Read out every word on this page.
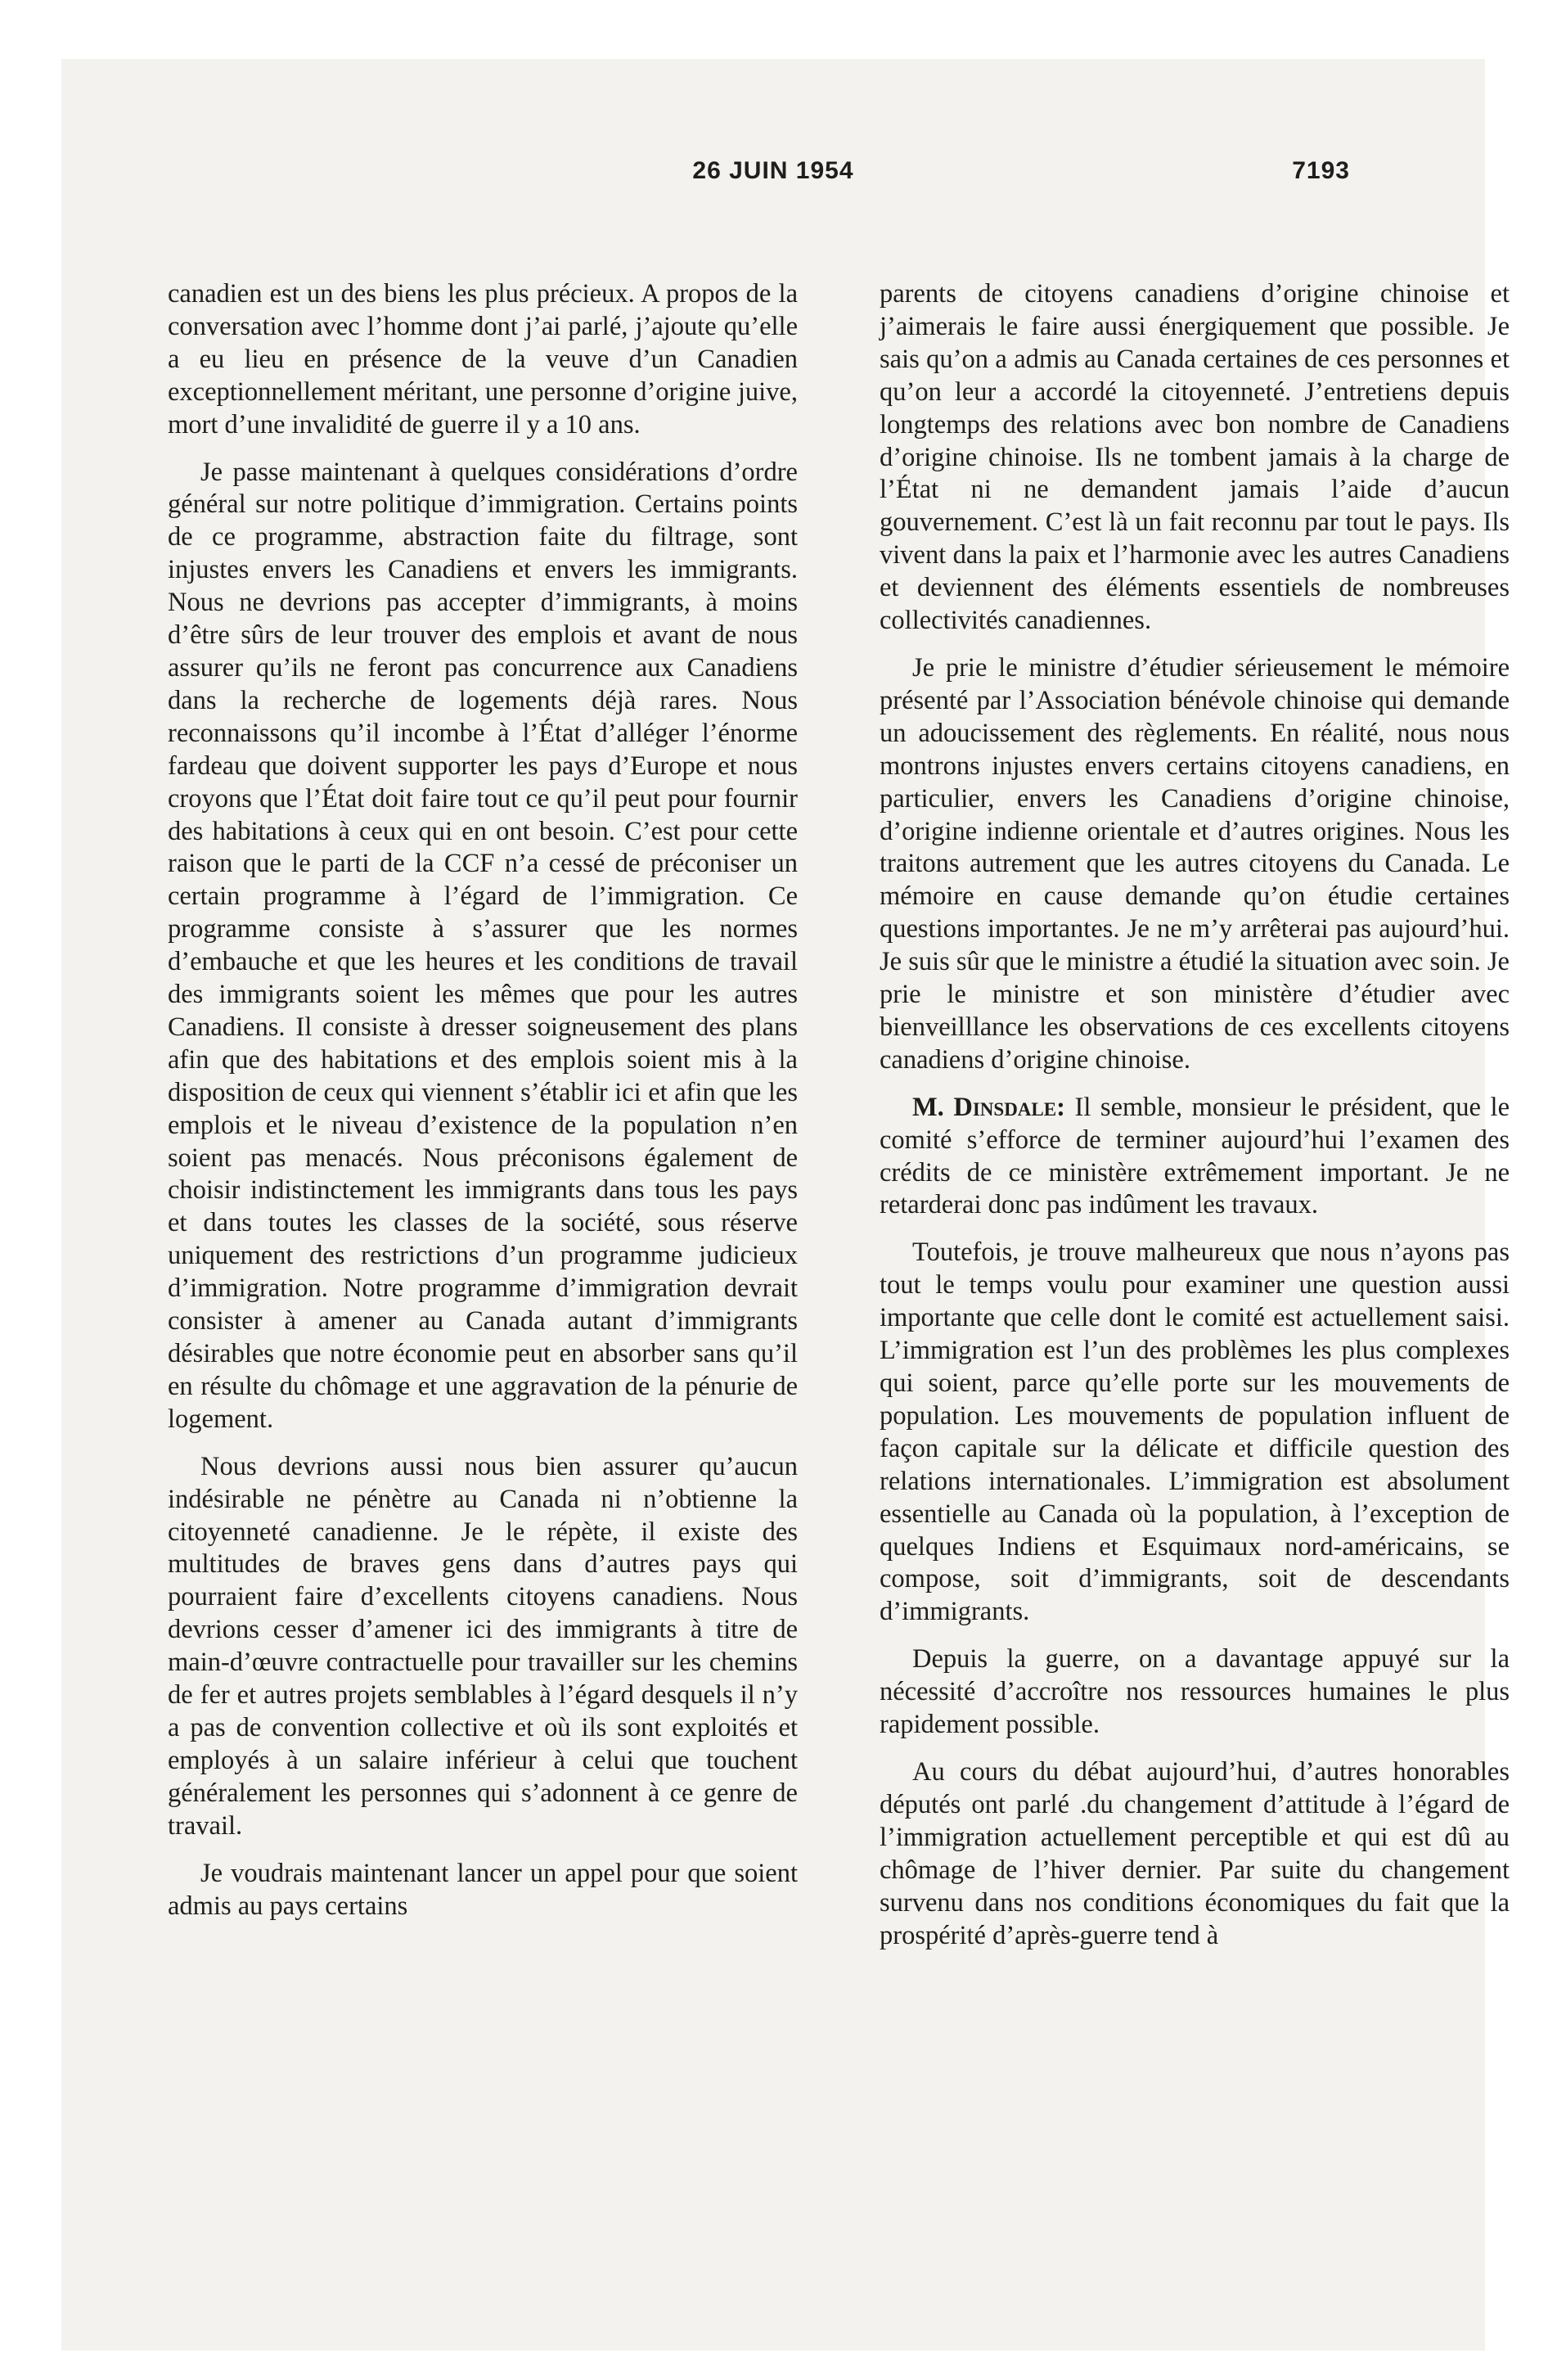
26 JUIN 1954	7193

canadien est un des biens les plus précieux. A propos de la conversation avec l’homme dont j’ai parlé, j’ajoute qu’elle a eu lieu en présence de la veuve d’un Canadien exceptionnellement méritant, une personne d’origine juive, mort d’une invalidité de guerre il y a 10 ans.

Je passe maintenant à quelques considérations d’ordre général sur notre politique d’immigration. Certains points de ce programme, abstraction faite du filtrage, sont injustes envers les Canadiens et envers les immigrants. Nous ne devrions pas accepter d’immigrants, à moins d’être sûrs de leur trouver des emplois et avant de nous assurer qu’ils ne feront pas concurrence aux Canadiens dans la recherche de logements déjà rares. Nous reconnaissons qu’il incombe à l’État d’alléger l’énorme fardeau que doivent supporter les pays d’Europe et nous croyons que l’État doit faire tout ce qu’il peut pour fournir des habitations à ceux qui en ont besoin. C’est pour cette raison que le parti de la CCF n’a cessé de préconiser un certain programme à l’égard de l’immigration. Ce programme consiste à s’assurer que les normes d’embauche et que les heures et les conditions de travail des immigrants soient les mêmes que pour les autres Canadiens. Il consiste à dresser soigneusement des plans afin que des habitations et des emplois soient mis à la disposition de ceux qui viennent s’établir ici et afin que les emplois et le niveau d’existence de la population n’en soient pas menacés. Nous préconisons également de choisir indistinctement les immigrants dans tous les pays et dans toutes les classes de la société, sous réserve uniquement des restrictions d’un programme judicieux d’immigration. Notre programme d’immigration devrait consister à amener au Canada autant d’immigrants désirables que notre économie peut en absorber sans qu’il en résulte du chômage et une aggravation de la pénurie de logement.

Nous devrions aussi nous bien assurer qu’aucun indésirable ne pénètre au Canada ni n’obtienne la citoyenneté canadienne. Je le répète, il existe des multitudes de braves gens dans d’autres pays qui pourraient faire d’excellents citoyens canadiens. Nous devrions cesser d’amener ici des immigrants à titre de main-d’œuvre contractuelle pour travailler sur les chemins de fer et autres projets semblables à l’égard desquels il n’y a pas de convention collective et où ils sont exploités et employés à un salaire inférieur à celui que touchent généralement les personnes qui s’adonnent à ce genre de travail.

Je voudrais maintenant lancer un appel pour que soient admis au pays certains

parents de citoyens canadiens d’origine chinoise et j’aimerais le faire aussi énergiquement que possible. Je sais qu’on a admis au Canada certaines de ces personnes et qu’on leur a accordé la citoyenneté. J’entretiens depuis longtemps des relations avec bon nombre de Canadiens d’origine chinoise. Ils ne tombent jamais à la charge de l’État ni ne demandent jamais l’aide d’aucun gouvernement. C’est là un fait reconnu par tout le pays. Ils vivent dans la paix et l’harmonie avec les autres Canadiens et deviennent des éléments essentiels de nombreuses collectivités canadiennes.

Je prie le ministre d’étudier sérieusement le mémoire présenté par l’Association bénévole chinoise qui demande un adoucissement des règlements. En réalité, nous nous montrons injustes envers certains citoyens canadiens, en particulier, envers les Canadiens d’origine chinoise, d’origine indienne orientale et d’autres origines. Nous les traitons autrement que les autres citoyens du Canada. Le mémoire en cause demande qu’on étudie certaines questions importantes. Je ne m’y arrêterai pas aujourd’hui. Je suis sûr que le ministre a étudié la situation avec soin. Je prie le ministre et son ministère d’étudier avec bienveilllance les observations de ces excellents citoyens canadiens d’origine chinoise.

M. Dinsdale: Il semble, monsieur le président, que le comité s’efforce de terminer aujourd’hui l’examen des crédits de ce ministère extrêmement important. Je ne retarderai donc pas indûment les travaux.

Toutefois, je trouve malheureux que nous n’ayons pas tout le temps voulu pour examiner une question aussi importante que celle dont le comité est actuellement saisi. L’immigration est l’un des problèmes les plus complexes qui soient, parce qu’elle porte sur les mouvements de population. Les mouvements de population influent de façon capitale sur la délicate et difficile question des relations internationales. L’immigration est absolument essentielle au Canada où la population, à l’exception de quelques Indiens et Esquimaux nord-américains, se compose, soit d’immigrants, soit de descendants d’immigrants.

Depuis la guerre, on a davantage appuyé sur la nécessité d’accroître nos ressources humaines le plus rapidement possible.

Au cours du débat aujourd’hui, d’autres honorables députés ont parlé .du changement d’attitude à l’égard de l’immigration actuellement perceptible et qui est dû au chômage de l’hiver dernier. Par suite du changement survenu dans nos conditions économiques du fait que la prospérité d’après-guerre tend à
